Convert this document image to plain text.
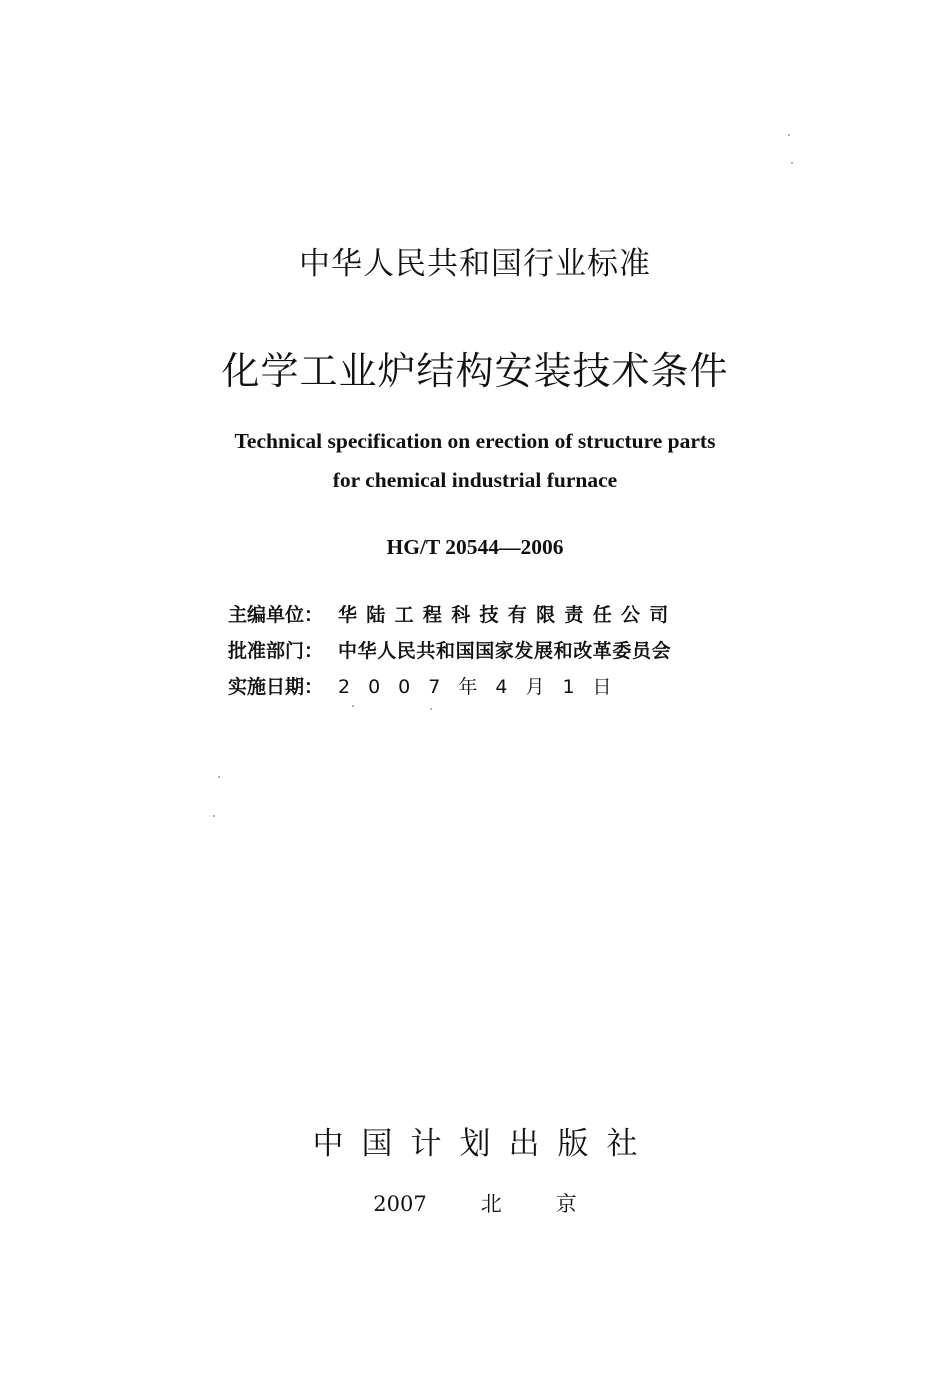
中华人民共和国行业标准
化学工业炉结构安装技术条件
Technical specification on erection of structure parts
for chemical industrial furnace
HG/T 20544—2006
主编单位： 华陆工程科技有限责任公司
批准部门： 中华人民共和国国家发展和改革委员会
实施日期： 2007年4月1日
中国计划出版社
2007	北	京
